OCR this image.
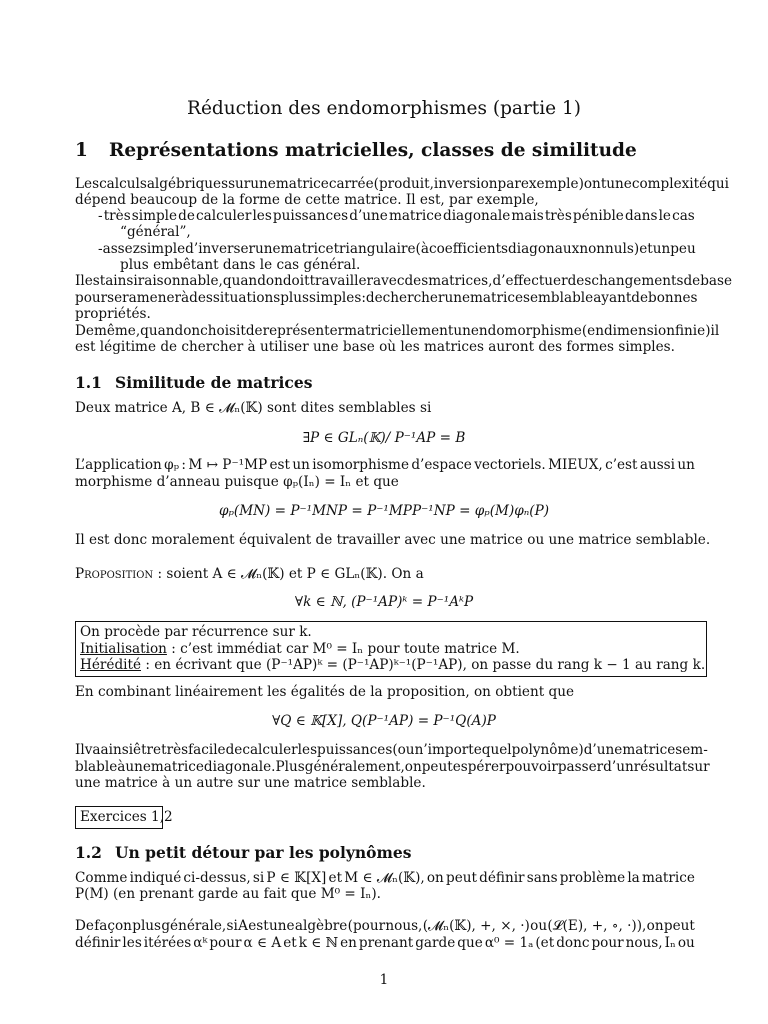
Réduction des endomorphismes (partie 1)
1 Représentations matricielles, classes de similitude
Les calculs algébriques sur une matrice carrée (produit, inversion par exemple) ont une complexité qui
dépend beaucoup de la forme de cette matrice. Il est, par exemple,
- très simple de calculer les puissances d’une matrice diagonale mais très pénible dans le cas
“général”,
- assez simple d’inverser une matrice triangulaire (à coefficients diagonaux non nuls) et un peu
plus embêtant dans le cas général.
Il est ainsi raisonnable, quand on doit travailler avec des matrices, d’effectuer des changements de base
pour se ramener à des situations plus simples : de chercher une matrice semblable ayant de bonnes
propriétés.
De même, quand on choisit de représenter matriciellement un endomorphisme (en dimension finie) il
est légitime de chercher à utiliser une base où les matrices auront des formes simples.
1.1 Similitude de matrices
Deux matrice A, B ∈ 𝓜ₙ(𝕂) sont dites semblables si
∃P ∈ GLₙ(𝕂)/ P⁻¹AP = B
L’application φₚ : M ↦ P⁻¹MP est un isomorphisme d’espace vectoriels. MIEUX, c’est aussi un
morphisme d’anneau puisque φₚ(Iₙ) = Iₙ et que
φₚ(MN) = P⁻¹MNP = P⁻¹MPP⁻¹NP = φₚ(M)φₙ(P)
Il est donc moralement équivalent de travailler avec une matrice ou une matrice semblable.
Proposition : soient A ∈ 𝓜ₙ(𝕂) et P ∈ GLₙ(𝕂). On a
∀k ∈ ℕ, (P⁻¹AP)ᵏ = P⁻¹AᵏP
On procède par récurrence sur k.
Initialisation : c’est immédiat car M⁰ = Iₙ pour toute matrice M.
Hérédité : en écrivant que (P⁻¹AP)ᵏ = (P⁻¹AP)ᵏ⁻¹(P⁻¹AP), on passe du rang k − 1 au rang k.
En combinant linéairement les égalités de la proposition, on obtient que
∀Q ∈ 𝕂[X], Q(P⁻¹AP) = P⁻¹Q(A)P
Il va ainsi être très facile de calculer les puissances (ou n’importe quel polynôme) d’une matrice sem-
blable à une matrice diagonale. Plus généralement, on peut espérer pouvoir passer d’un résultat sur
une matrice à un autre sur une matrice semblable.
Exercices 1,2
1.2 Un petit détour par les polynômes
Comme indiqué ci-dessus, si P ∈ 𝕂[X] et M ∈ 𝓜ₙ(𝕂), on peut définir sans problème la matrice
P(M) (en prenant garde au fait que M⁰ = Iₙ).
De façon plus générale, si A est une algèbre (pour nous, (𝓜ₙ(𝕂), +, ×, ·) ou (𝓛(E), +, ∘, ·)), on peut
définir les itérées αᵏ pour α ∈ A et k ∈ ℕ en prenant garde que α⁰ = 1ₐ (et donc pour nous, Iₙ ou
1
